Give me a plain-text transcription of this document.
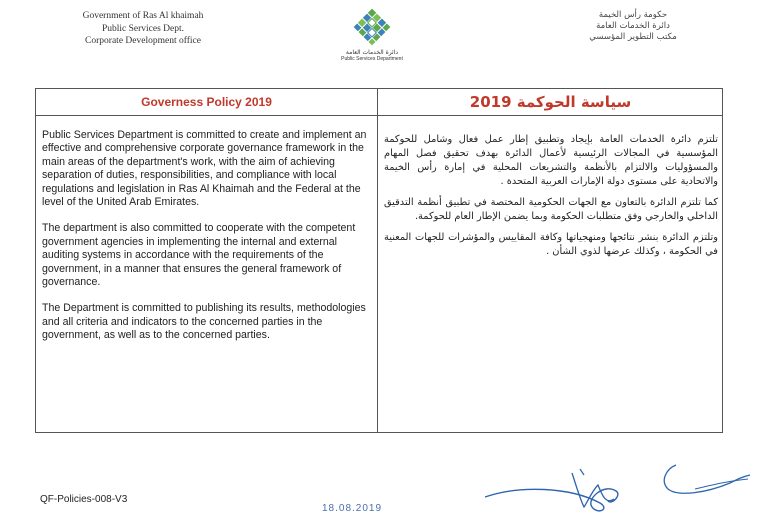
Government of Ras Al khaimah
Public Services Dept.
Corporate Development office
دائرة الخدمات العامة
Public Services Department
حكومة رأس الخيمة
دائرة الخدمات العامة
مكتب التطوير المؤسسي
Governess Policy 2019	سياسة الحوكمة 2019

Public Services Department is committed to create and implement an effective and comprehensive corporate governance framework in the main areas of the department's work, with the aim of achieving separation of duties, responsibilities, and compliance with local regulations and legislation in Ras Al Khaimah and the Federal at the level of the United Arab Emirates.

The department is also committed to cooperate with the competent government agencies in implementing the internal and external auditing systems in accordance with the requirements of the government, in a manner that ensures the general framework of governance.

The Department is committed to publishing its results, methodologies and all criteria and indicators to the concerned parties in the government, as well as to the concerned parties.

تلتزم دائرة الخدمات العامة بإيجاد وتطبيق إطار عمل فعال وشامل للحوكمة المؤسسية في المجالات الرئيسية لأعمال الدائرة بهدف تحقيق فصل المهام والمسؤوليات والالتزام بالأنظمة والتشريعات المحلية في إمارة رأس الخيمة والاتحادية على مستوى دولة الإمارات العربية المتحدة .

كما تلتزم الدائرة بالتعاون مع الجهات الحكومية المختصة في تطبيق أنظمة التدقيق الداخلي والخارجي وفق متطلبات الحكومة وبما يضمن الإطار العام للحوكمة.

وتلتزم الدائرة بنشر نتائجها ومنهجياتها وكافة المقاييس والمؤشرات للجهات المعنية في الحكومة ، وكذلك عرضها لذوي الشأن .

QF-Policies-008-V3
18.08.2019
